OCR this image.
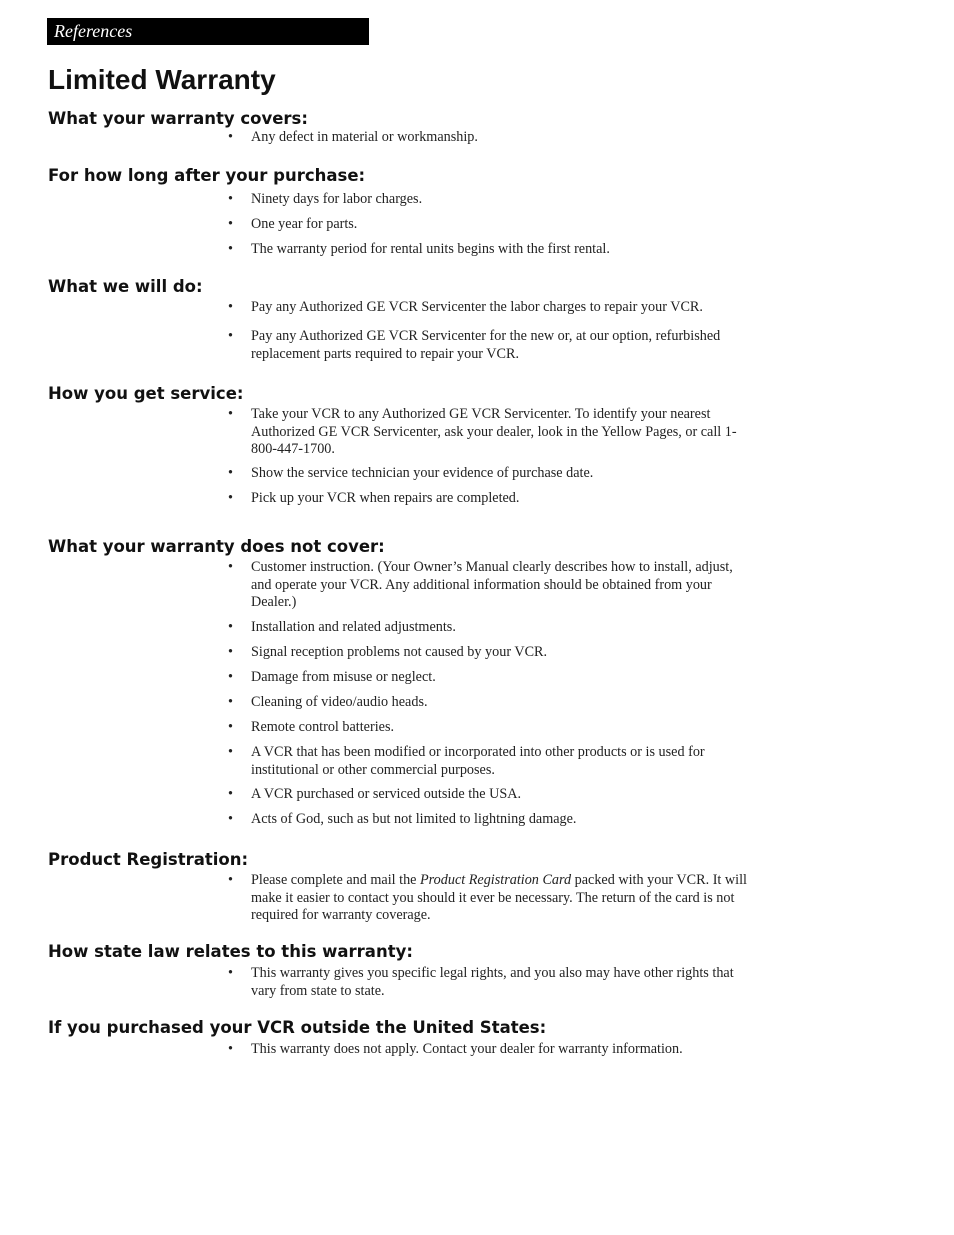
References
Limited Warranty
What your warranty covers:
• Any defect in material or workmanship.
For how long after your purchase:
• Ninety days for labor charges.
• One year for parts.
• The warranty period for rental units begins with the first rental.
What we will do:
• Pay any Authorized GE VCR Servicenter the labor charges to repair your VCR.
• Pay any Authorized GE VCR Servicenter for the new or, at our option, refurbished replacement parts required to repair your VCR.
How you get service:
• Take your VCR to any Authorized GE VCR Servicenter. To identify your nearest Authorized GE VCR Servicenter, ask your dealer, look in the Yellow Pages, or call 1-800-447-1700.
• Show the service technician your evidence of purchase date.
• Pick up your VCR when repairs are completed.
What your warranty does not cover:
• Customer instruction. (Your Owner’s Manual clearly describes how to install, adjust, and operate your VCR. Any additional information should be obtained from your Dealer.)
• Installation and related adjustments.
• Signal reception problems not caused by your VCR.
• Damage from misuse or neglect.
• Cleaning of video/audio heads.
• Remote control batteries.
• A VCR that has been modified or incorporated into other products or is used for institutional or other commercial purposes.
• A VCR purchased or serviced outside the USA.
• Acts of God, such as but not limited to lightning damage.
Product Registration:
• Please complete and mail the Product Registration Card packed with your VCR. It will make it easier to contact you should it ever be necessary. The return of the card is not required for warranty coverage.
How state law relates to this warranty:
• This warranty gives you specific legal rights, and you also may have other rights that vary from state to state.
If you purchased your VCR outside the United States:
• This warranty does not apply. Contact your dealer for warranty information.
